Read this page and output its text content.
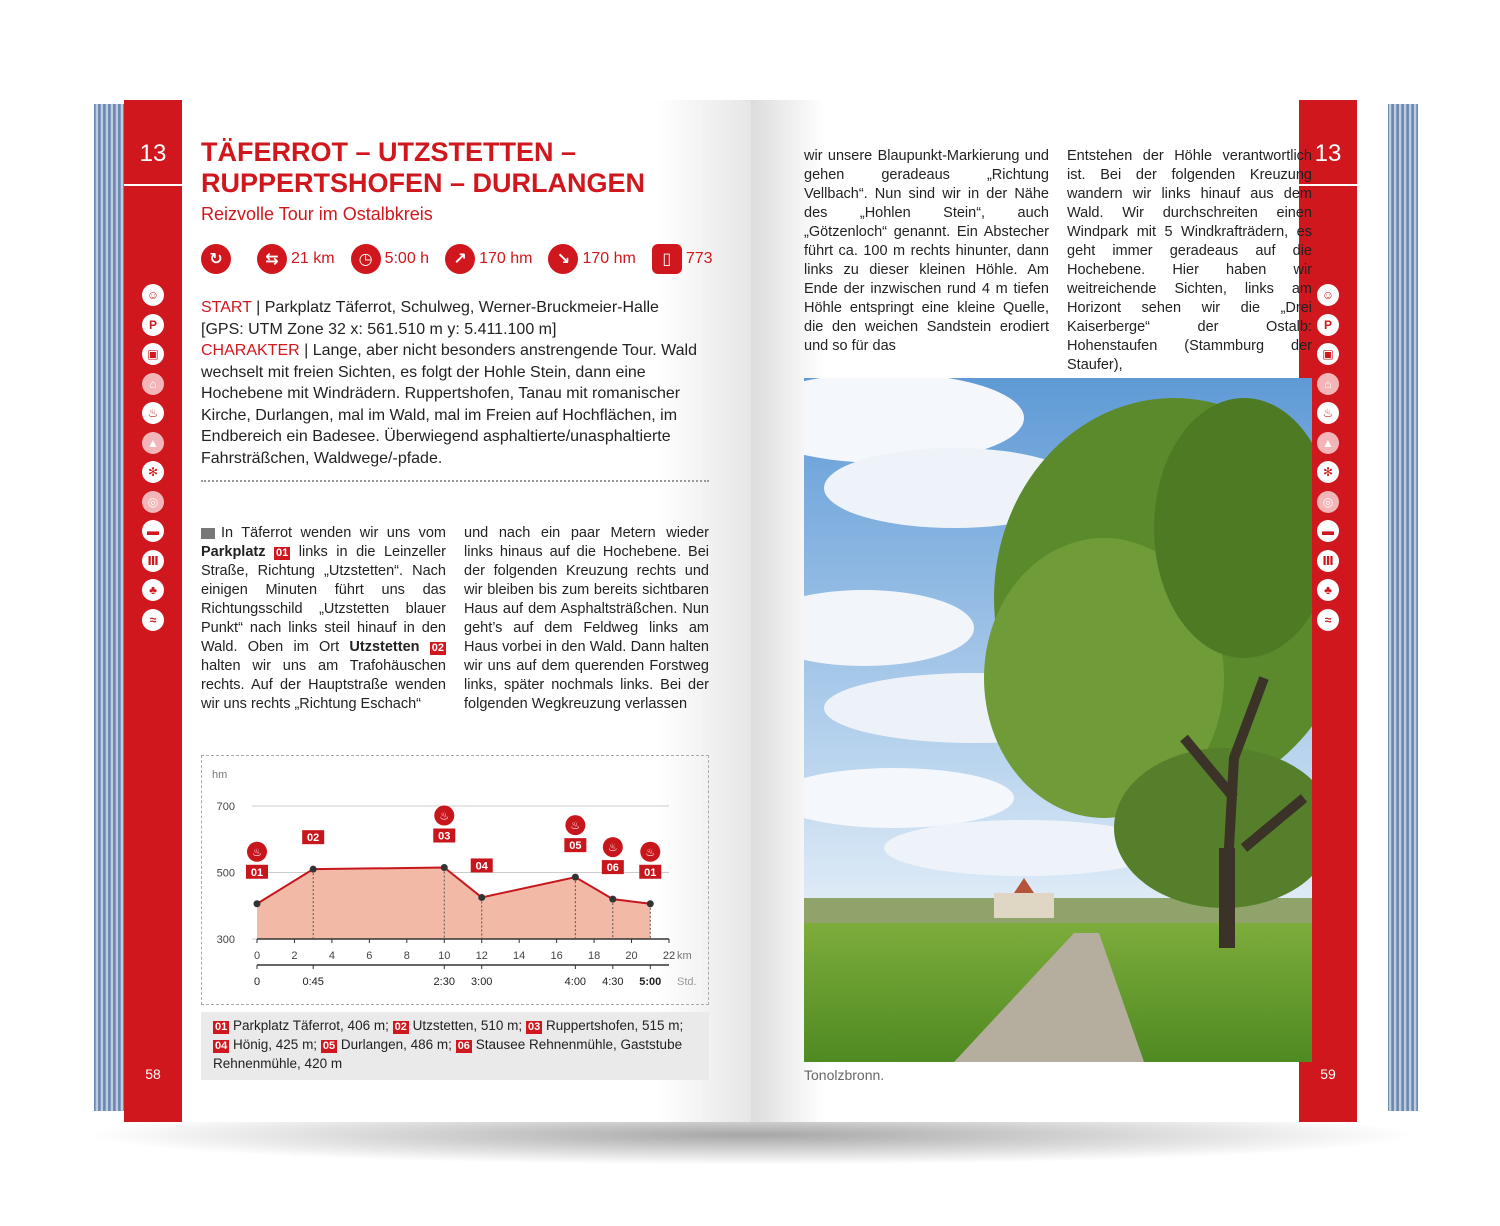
13
☺
P
▣
⌂
♨
▲
✻
◎
▬
Ⅲ
♣
≈
58
13
☺
P
▣
⌂
♨
▲
✻
◎
▬
Ⅲ
♣
≈
59
TÄFERROT – UTZSTETTEN –
RUPPERTSHOFEN – DURLANGEN
Reizvolle Tour im Ostalbkreis
↻	⇆ 21 km	◷ 5:00 h	↗ 170 hm	↘ 170 hm	▯ 773

START | Parkplatz Täferrot, Schulweg, Werner-Bruckmeier-Halle
[GPS: UTM Zone 32 x: 561.510 m y: 5.411.100 m]
CHARAKTER | Lange, aber nicht besonders anstrengende Tour. Wald wechselt mit freien Sichten, es folgt der Hohle Stein, dann eine Hochebene mit Windrädern. Ruppertshofen, Tanau mit romanischer Kirche, Durlangen, mal im Wald, mal im Freien auf Hochflächen, im Endbereich ein Badesee. Überwiegend asphaltierte/unasphaltierte Fahrsträßchen, Waldwege/-pfade.

In Täferrot wenden wir uns vom Parkplatz 01 links in die Leinzeller Straße, Richtung „Utzstetten“. Nach einigen Minuten führt uns das Richtungsschild „Utzstetten blauer Punkt“ nach links steil hinauf in den Wald. Oben im Ort Utzstetten 02 halten wir uns am Trafohäuschen rechts. Auf der Hauptstraße wenden wir uns rechts „Richtung Eschach“

und nach ein paar Metern wieder links hinaus auf die Hochebene. Bei der folgenden Kreuzung rechts und wir bleiben bis zum bereits sichtbaren Haus auf dem Asphaltsträßchen. Nun geht’s auf dem Feldweg links am Haus vorbei in den Wald. Dann halten wir uns auf dem querenden Forstweg links, später nochmals links. Bei der folgenden Wegkreuzung verlassen

hm
300
500
700
0	2	4	6	8	10 12 14 16 18 20 22 km
0	0:45	2:30 3:00	4:00 4:30 5:00 Std.
01
♨
02	03
♨
04
05
♨
06
♨
01
♨

01 Parkplatz Täferrot, 406 m; 02 Utzstetten, 510 m; 03 Ruppertshofen, 515 m; 04 Hönig, 425 m; 05 Durlangen, 486 m; 06 Stausee Rehnenmühle, Gaststube Rehnenmühle, 420 m

wir unsere Blaupunkt-Markierung und gehen geradeaus „Richtung Vellbach“. Nun sind wir in der Nähe des „Hohlen Stein“, auch „Götzenloch“ genannt. Ein Abstecher führt ca. 100 m rechts hinunter, dann links zu dieser kleinen Höhle. Am Ende der inzwischen rund 4 m tiefen Höhle entspringt eine kleine Quelle, die den weichen Sandstein erodiert und so für das

Entstehen der Höhle verantwortlich ist. Bei der folgenden Kreuzung wandern wir links hinauf aus dem Wald. Wir durchschreiten einen Windpark mit 5 Windkrafträdern, es geht immer geradeaus auf die Hochebene. Hier haben wir weitreichende Sichten, links am Horizont sehen wir die „Drei Kaiserberge“ der Ostalb: Hohenstaufen (Stammburg der Staufer),

Tonolzbronn.
